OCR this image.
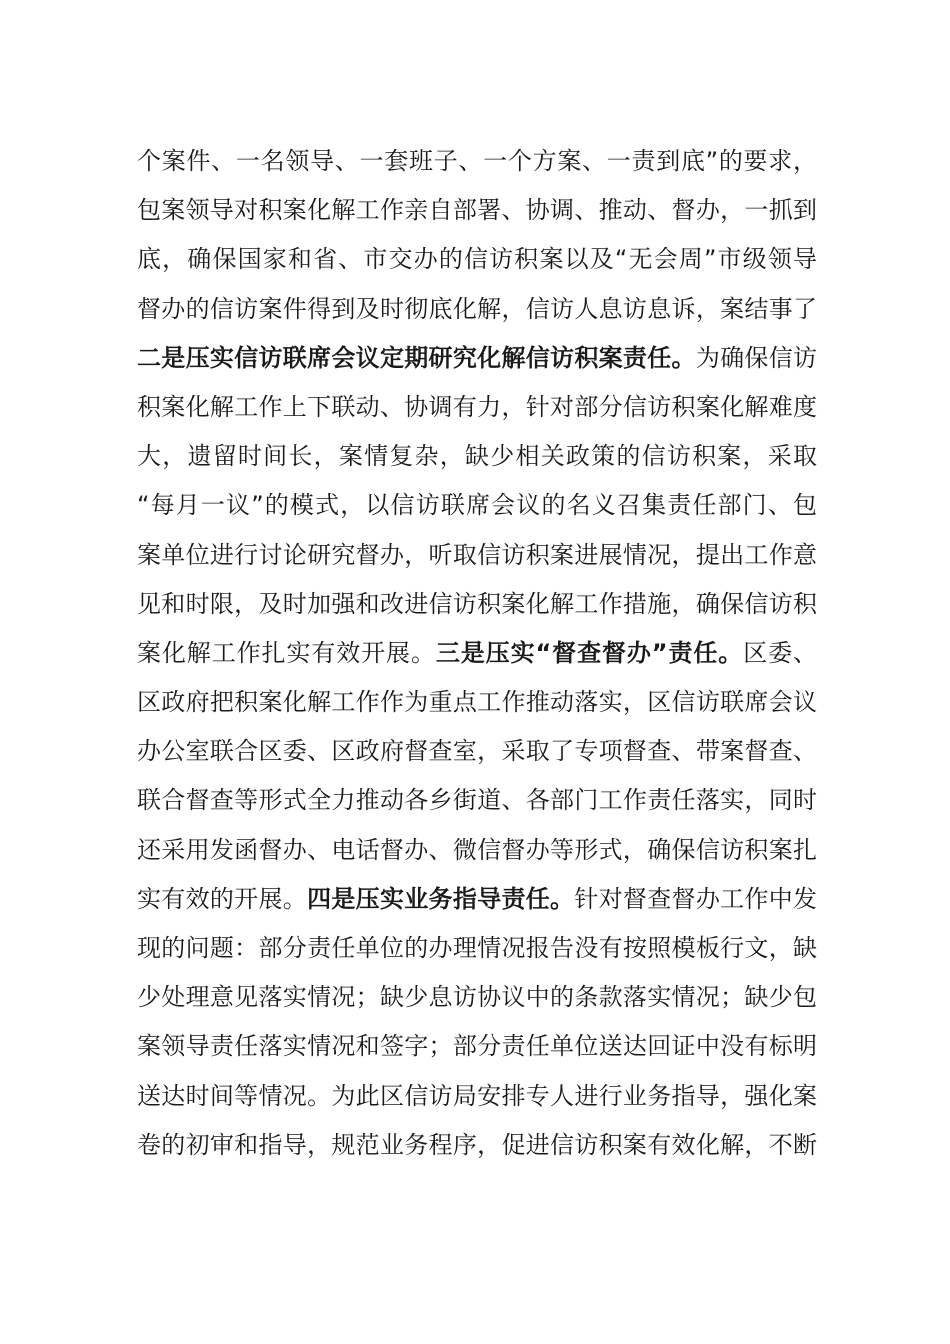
个案件、一名领导、一套班子、一个方案、一责到底”的要求，
包案领导对积案化解工作亲自部署、协调、推动、督办，一抓到
底，确保国家和省、市交办的信访积案以及“无会周”市级领导
督办的信访案件得到及时彻底化解，信访人息访息诉，案结事了
二是压实信访联席会议定期研究化解信访积案责任。为确保信访
积案化解工作上下联动、协调有力，针对部分信访积案化解难度
大，遗留时间长，案情复杂，缺少相关政策的信访积案，采取
“每月一议”的模式，以信访联席会议的名义召集责任部门、包
案单位进行讨论研究督办，听取信访积案进展情况，提出工作意
见和时限，及时加强和改进信访积案化解工作措施，确保信访积
案化解工作扎实有效开展。三是压实“督查督办”责任。区委、
区政府把积案化解工作作为重点工作推动落实，区信访联席会议
办公室联合区委、区政府督查室，采取了专项督查、带案督查、
联合督查等形式全力推动各乡街道、各部门工作责任落实，同时
还采用发函督办、电话督办、微信督办等形式，确保信访积案扎
实有效的开展。四是压实业务指导责任。针对督查督办工作中发
现的问题：部分责任单位的办理情况报告没有按照模板行文，缺
少处理意见落实情况；缺少息访协议中的条款落实情况；缺少包
案领导责任落实情况和签字；部分责任单位送达回证中没有标明
送达时间等情况。为此区信访局安排专人进行业务指导，强化案
卷的初审和指导，规范业务程序，促进信访积案有效化解，不断
